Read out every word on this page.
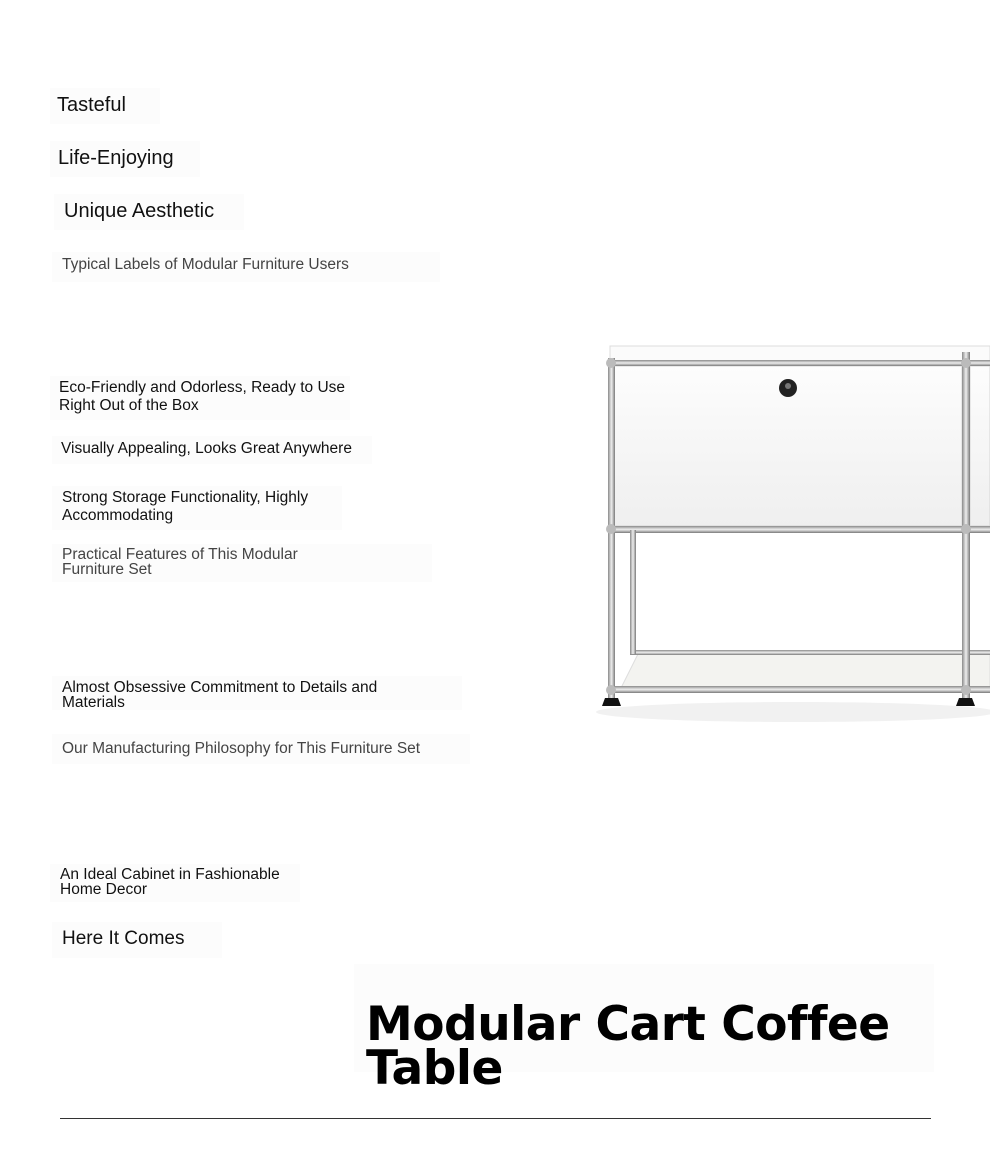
Tasteful

Life-Enjoying

Unique Aesthetic

Typical Labels of Modular Furniture Users

Eco-Friendly and Odorless, Ready to Use Right Out of the Box

Visually Appealing, Looks Great Anywhere

Strong Storage Functionality, Highly Accommodating

Practical Features of This Modular Furniture Set

Almost Obsessive Commitment to Details and Materials

Our Manufacturing Philosophy for This Furniture Set

An Ideal Cabinet in Fashionable Home Decor

Here It Comes

Modular Cart Coffee Table
